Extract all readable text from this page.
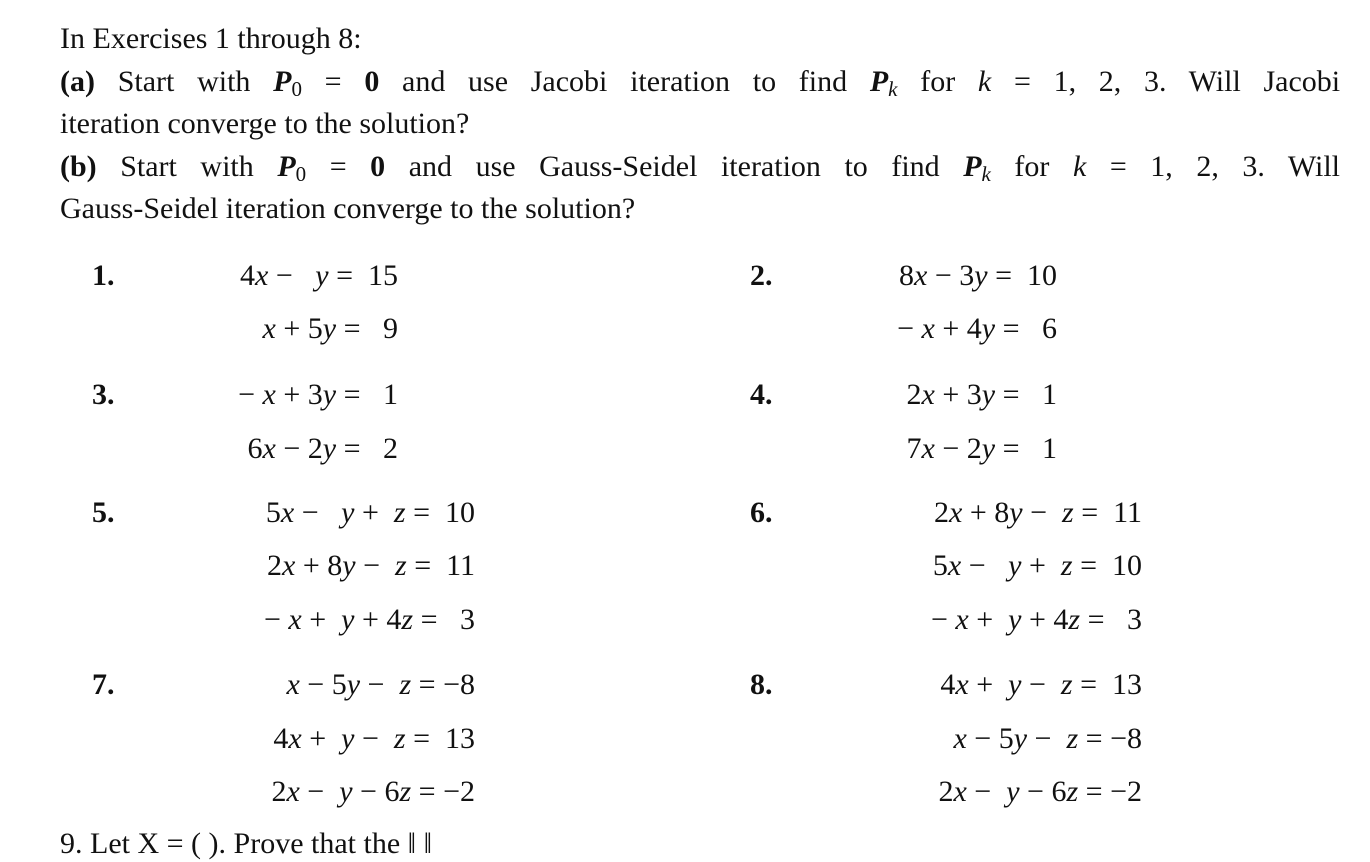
In Exercises 1 through 8:
(a) Start with $P_0 = 0$ and use Jacobi iteration to find Pk for k = 1, 2, 3. Will Jacobi
iteration converge to the solution?
(b) Start with $P_0 = 0$ and use Gauss-Seidel iteration to find Pk for k = 1, 2, 3. Will
Gauss-Seidel iteration converge to the solution?
1.	4x − y = 15
x + 5y = 9
2.	8x − 3y = 10
− x + 4y = 6
3.	− x + 3y = 1
6x − 2y = 2
4.	2x + 3y = 1
7x − 2y = 1
5.	5x − y + z = 10
2x + 8y − z = 11
− x + y + 4z = 3
6.	2x + 8y − z = 11
5x − y + z = 10
− x + y + 4z = 3
7.	x − 5y − z = −8
4x + y − z = 13
2x − y − 6z = −2
8.	4x + y − z = 13
x − 5y − z = −8
2x − y − 6z = −2
9. Let X = ( ). Prove that the ‖ ‖
